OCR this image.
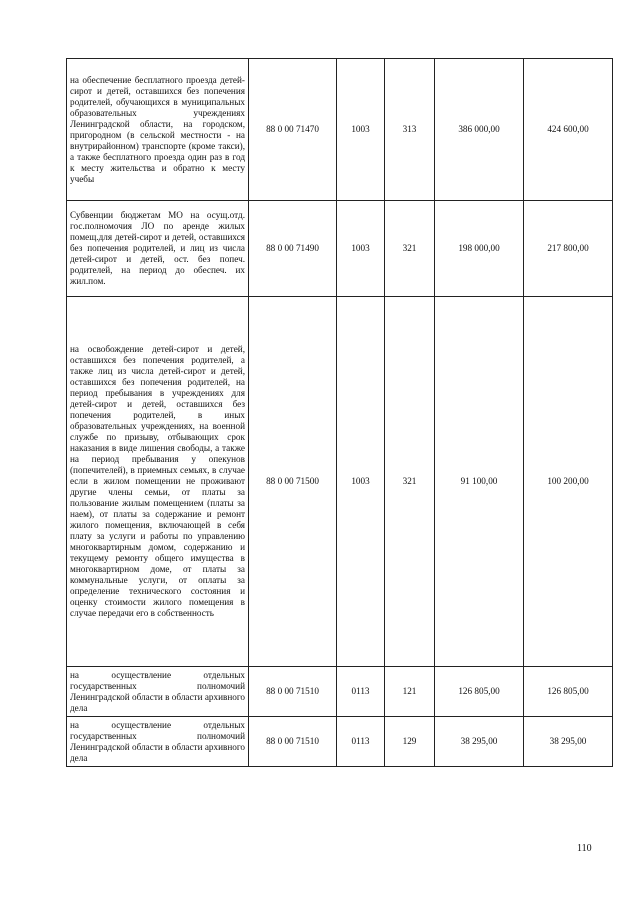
на обеспечение бесплатного проезда детей-сирот и детей, оставшихся без попечения родителей, обучающихся в муниципальных образовательных учреждениях Ленинградской области, на городском, пригородном (в сельской местности - на внутрирайонном) транспорте (кроме такси), а также бесплатного проезда один раз в год к месту жительства и обратно к месту учебы	88 0 00 71470	1003	313	386 000,00	424 600,00

Субвенции бюджетам МО на осущ.отд. гос.полномочия ЛО по аренде жилых помещ.для детей-сирот и детей, оставшихся без попечения родителей, и лиц из числа детей-сирот и детей, ост. без попеч. родителей, на период до обеспеч. их жил.пом.	88 0 00 71490	1003	321	198 000,00	217 800,00

на освобождение детей-сирот и детей, оставшихся без попечения родителей, а также лиц из числа детей-сирот и детей, оставшихся без попечения родителей, на период пребывания в учреждениях для детей-сирот и детей, оставшихся без попечения родителей, в иных образовательных учреждениях, на военной службе по призыву, отбывающих срок наказания в виде лишения свободы, а также на период пребывания у опекунов (попечителей), в приемных семьях, в случае если в жилом помещении не проживают другие члены семьи, от платы за пользование жилым помещением (платы за наем), от платы за содержание и ремонт жилого помещения, включающей в себя плату за услуги и работы по управлению многоквартирным домом, содержанию и текущему ремонту общего имущества в многоквартирном доме, от платы за коммунальные услуги, от оплаты за определение технического состояния и оценку стоимости жилого помещения в случае передачи его в собственность	88 0 00 71500	1003	321	91 100,00	100 200,00

на осуществление отдельных государственных полномочий Ленинградской области в области архивного дела	88 0 00 71510	0113	121	126 805,00	126 805,00

на осуществление отдельных государственных полномочий Ленинградской области в области архивного дела	88 0 00 71510	0113	129	38 295,00	38 295,00
110
